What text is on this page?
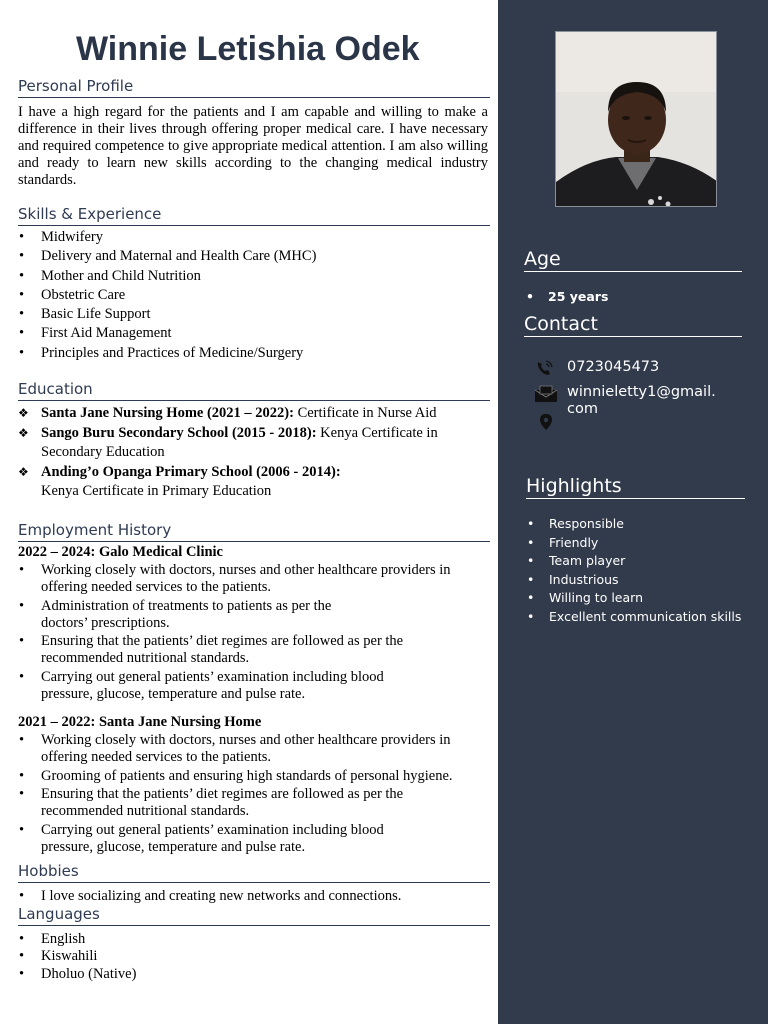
Winnie Letishia Odek
Personal Profile
I have a high regard for the patients and I am capable and willing to make a difference in their lives through offering proper medical care. I have necessary and required competence to give appropriate medical attention. I am also willing and ready to learn new skills according to the changing medical industry standards.
Skills & Experience
• Midwifery
• Delivery and Maternal and Health Care (MHC)
• Mother and Child Nutrition
• Obstetric Care
• Basic Life Support
• First Aid Management
• Principles and Practices of Medicine/Surgery
Education
❖ Santa Jane Nursing Home (2021 – 2022): Certificate in Nurse Aid
❖ Sango Buru Secondary School (2015 - 2018): Kenya Certificate in Secondary Education
❖ Anding’o Opanga Primary School (2006 - 2014):
Kenya Certificate in Primary Education
Employment History
2022 – 2024: Galo Medical Clinic
• Working closely with doctors, nurses and other healthcare providers in offering needed services to the patients.
• Administration of treatments to patients as per the doctors’ prescriptions.
• Ensuring that the patients’ diet regimes are followed as per the recommended nutritional standards.
• Carrying out general patients’ examination including blood pressure, glucose, temperature and pulse rate.
2021 – 2022: Santa Jane Nursing Home
• Working closely with doctors, nurses and other healthcare providers in offering needed services to the patients.
• Grooming of patients and ensuring high standards of personal hygiene.
• Ensuring that the patients’ diet regimes are followed as per the recommended nutritional standards.
• Carrying out general patients’ examination including blood pressure, glucose, temperature and pulse rate.
Hobbies
• I love socializing and creating new networks and connections.
Languages
• English
• Kiswahili
• Dholuo (Native)
Age
• 25 years
Contact
0723045473
winnieletty1@gmail.
com
Highlights
• Responsible
• Friendly
• Team player
• Industrious
• Willing to learn
• Excellent communication skills
